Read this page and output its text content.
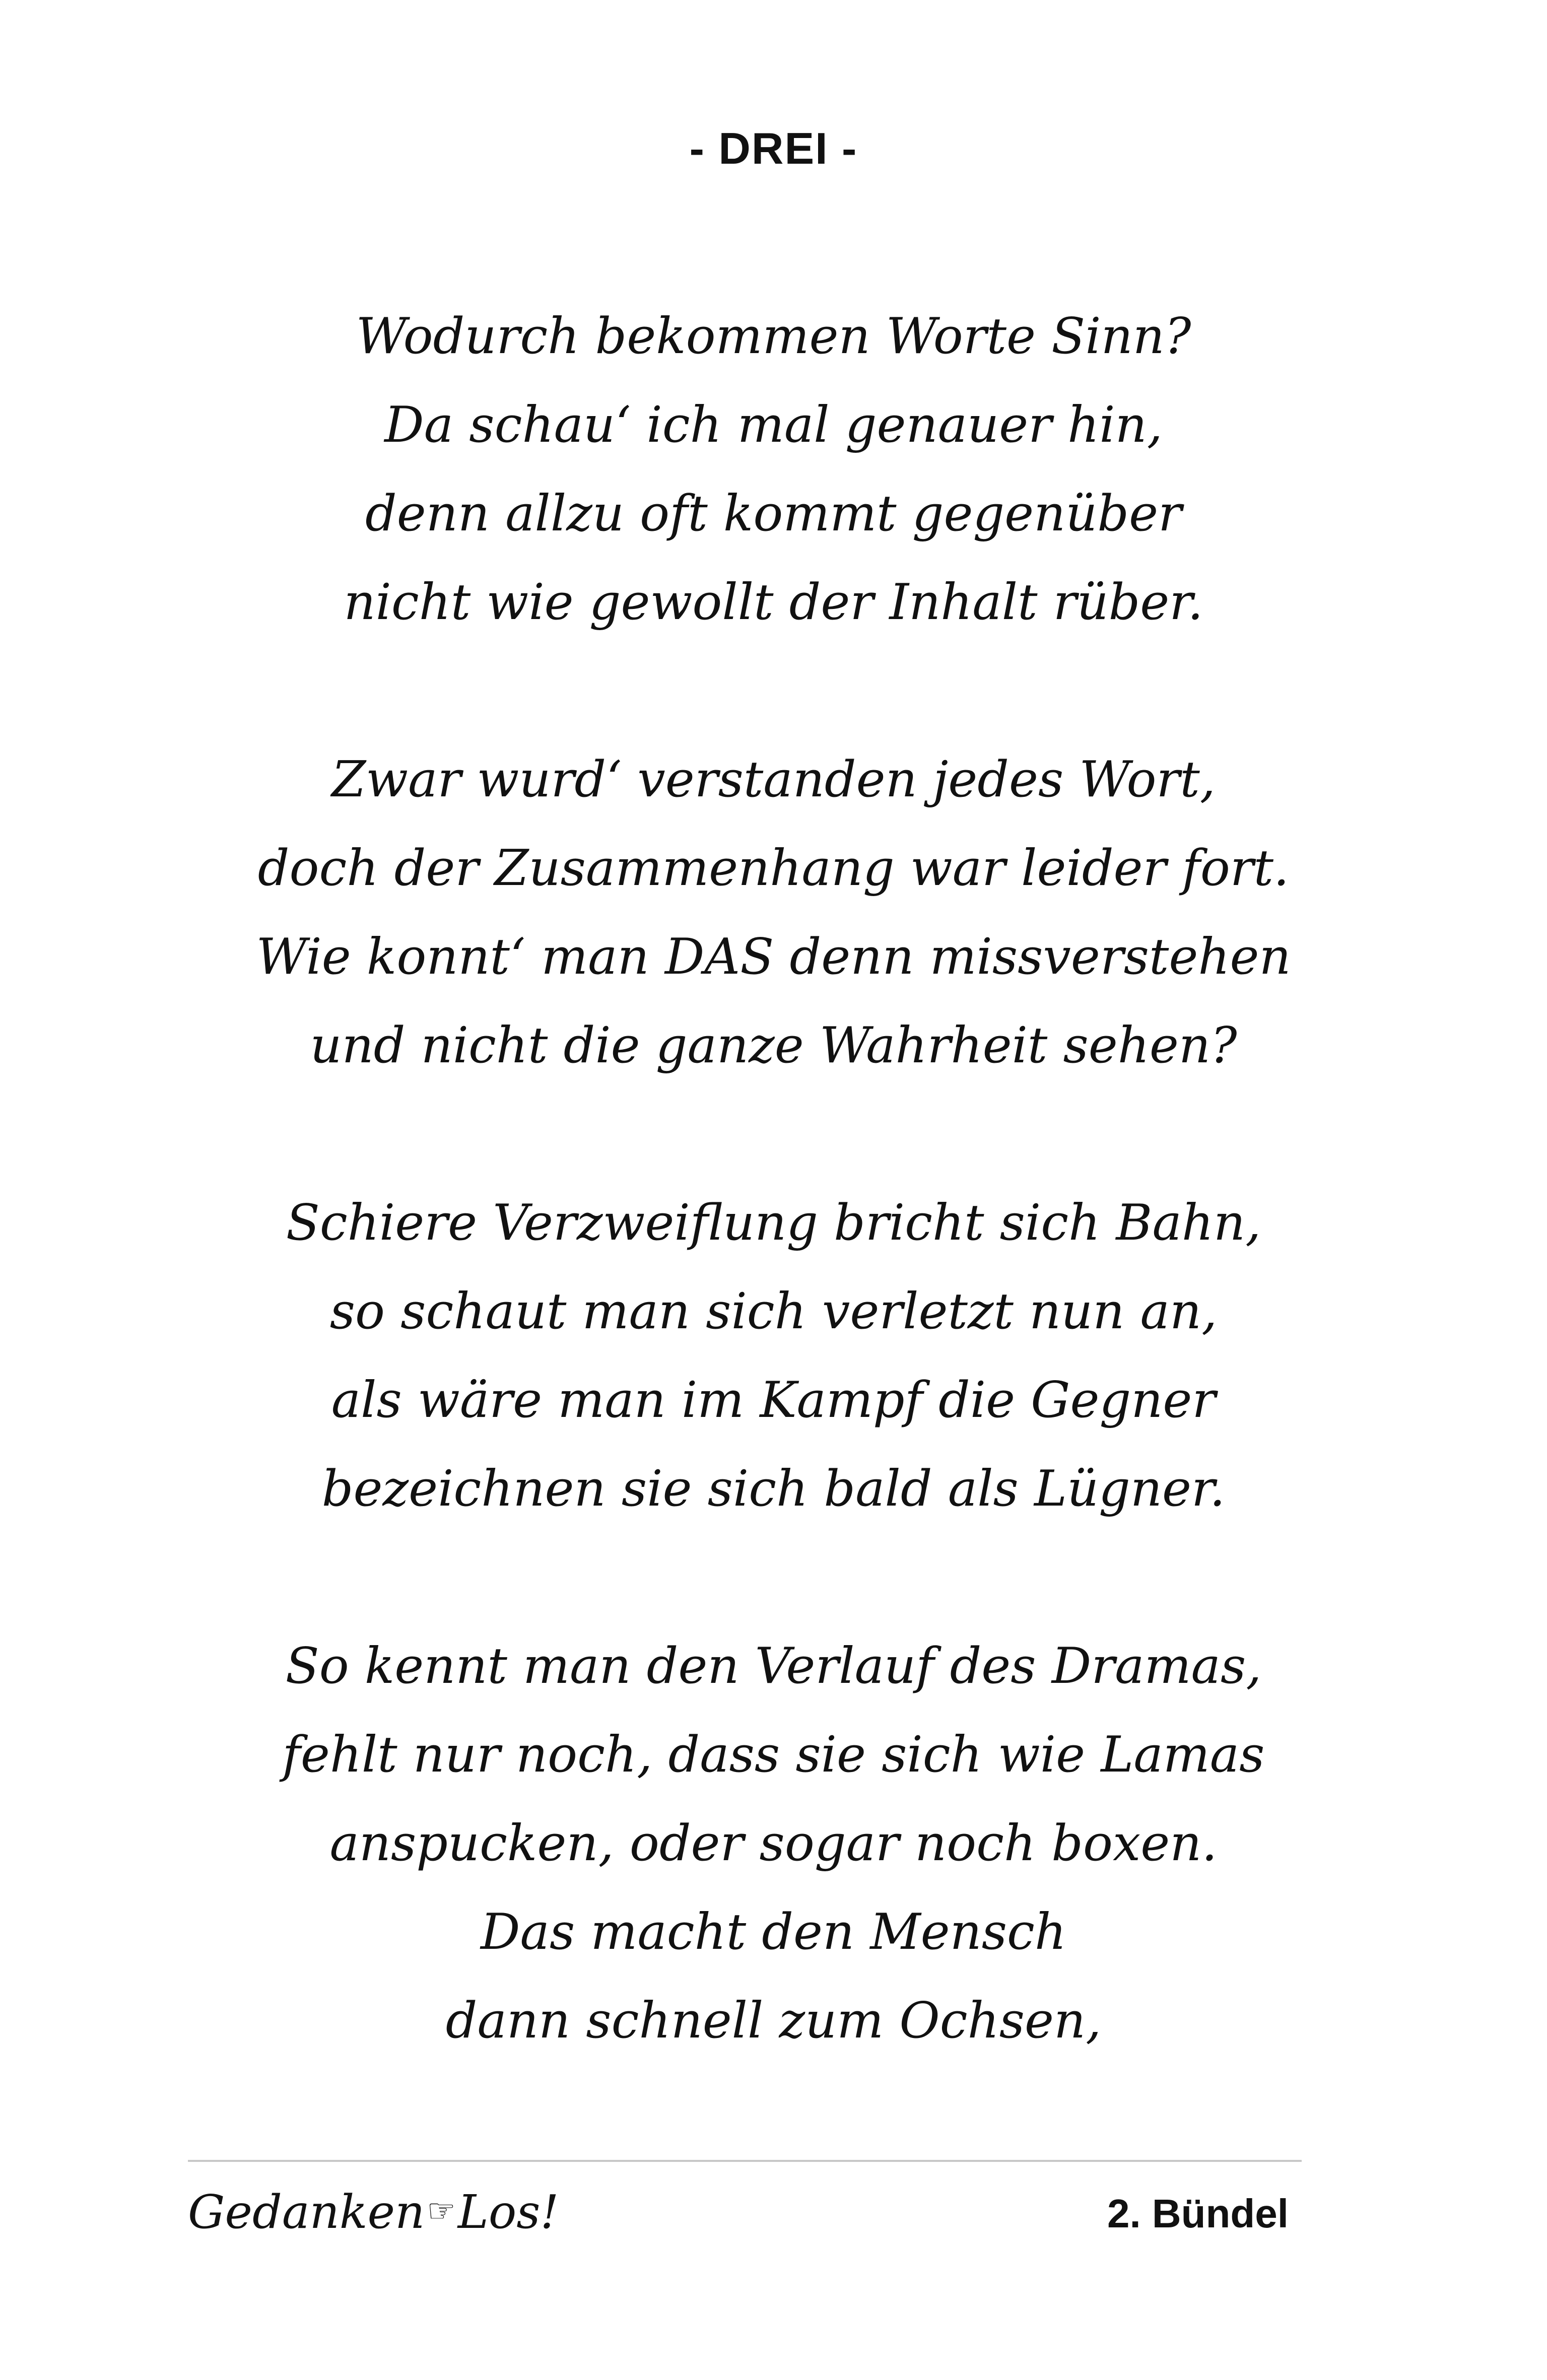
- DREI -
Wodurch bekommen Worte Sinn?
Da schau‘ ich mal genauer hin,
denn allzu oft kommt gegenüber
nicht wie gewollt der Inhalt rüber.
Zwar wurd‘ verstanden jedes Wort,
doch der Zusammenhang war leider fort.
Wie konnt‘ man DAS denn missverstehen
und nicht die ganze Wahrheit sehen?
Schiere Verzweiflung bricht sich Bahn,
so schaut man sich verletzt nun an,
als wäre man im Kampf die Gegner
bezeichnen sie sich bald als Lügner.
So kennt man den Verlauf des Dramas,
fehlt nur noch, dass sie sich wie Lamas
anspucken, oder sogar noch boxen.
Das macht den Mensch
dann schnell zum Ochsen,
Gedanken☞Los!	2. Bündel
